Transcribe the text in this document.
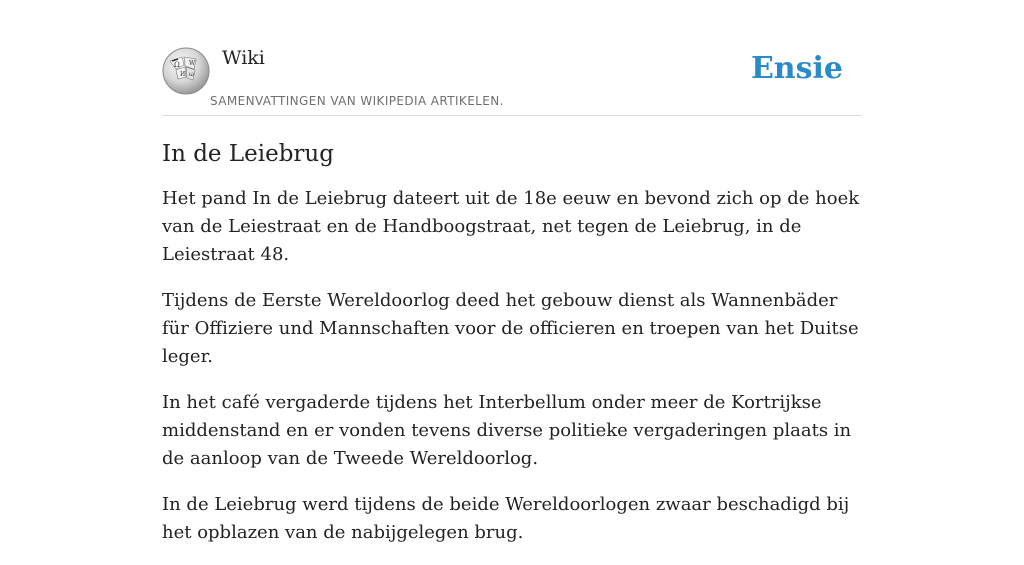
Ω W
И ω
Wiki
SAMENVATTINGEN VAN WIKIPEDIA ARTIKELEN.
Ensie
In de Leiebrug

Het pand In de Leiebrug dateert uit de 18e eeuw en bevond zich op de hoek van de Leiestraat en de Handboogstraat, net tegen de Leiebrug, in de Leiestraat 48.

Tijdens de Eerste Wereldoorlog deed het gebouw dienst als Wannenbäder für Offiziere und Mannschaften voor de officieren en troepen van het Duitse leger.

In het café vergaderde tijdens het Interbellum onder meer de Kortrijkse middenstand en er vonden tevens diverse politieke vergaderingen plaats in de aanloop van de Tweede Wereldoorlog.

In de Leiebrug werd tijdens de beide Wereldoorlogen zwaar beschadigd bij het opblazen van de nabijgelegen brug.
